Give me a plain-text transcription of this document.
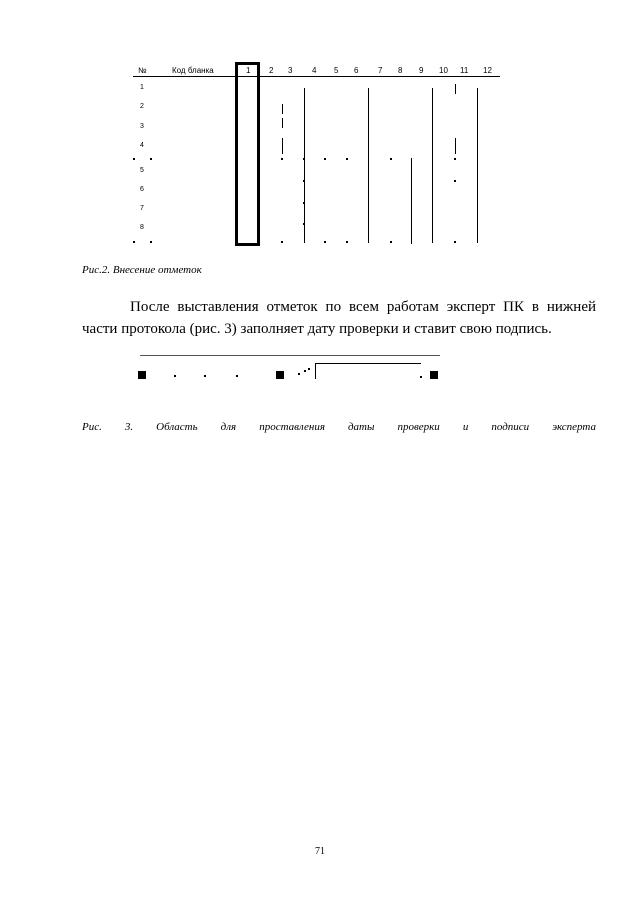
№	Код бланка	1 2 3 4 5 6 7 8 9 10 11 12
1
2
3
4
5
6
7
8
Рис.2. Внесение отметок
После выставления отметок по всем работам эксперт ПК в нижней
части протокола (рис. 3) заполняет дату проверки и ставит свою подпись.
Рис. 3. Область для проставления даты проверки и подписи эксперта
71
